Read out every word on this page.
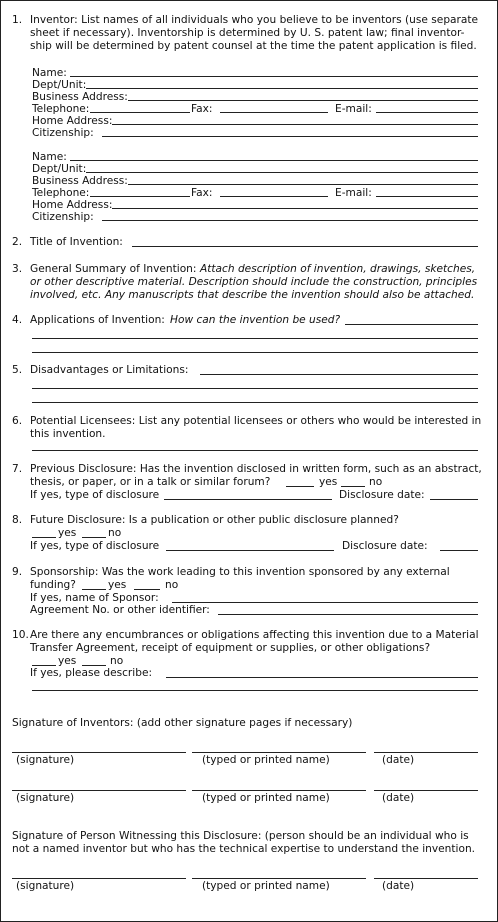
1. Inventor: List names of all individuals who you believe to be inventors (use separate
sheet if necessary). Inventorship is determined by U. S. patent law; final inventor-
ship will be determined by patent counsel at the time the patent application is filed.
Name:
Dept/Unit:
Business Address:
Telephone:	Fax:	E-mail:
Home Address:
Citizenship:
Name:
Dept/Unit:
Business Address:
Telephone:	Fax:	E-mail:
Home Address:
Citizenship:
2. Title of Invention:
3. General Summary of Invention: Attach description of invention, drawings, sketches,
or other descriptive material. Description should include the construction, principles
involved, etc. Any manuscripts that describe the invention should also be attached.
4. Applications of Invention: How can the invention be used?
5. Disadvantages or Limitations:
6. Potential Licensees: List any potential licensees or others who would be interested in
this invention.
7. Previous Disclosure: Has the invention disclosed in written form, such as an abstract,
thesis, or paper, or in a talk or similar forum?	yes	no
If yes, type of disclosure	Disclosure date:
8. Future Disclosure: Is a publication or other public disclosure planned?
yes	no
If yes, type of disclosure	Disclosure date:
9. Sponsorship: Was the work leading to this invention sponsored by any external
funding?	yes	no
If yes, name of Sponsor:
Agreement No. or other identifier:
10. Are there any encumbrances or obligations affecting this invention due to a Material
Transfer Agreement, receipt of equipment or supplies, or other obligations?
yes	no
If yes, please describe:
Signature of Inventors: (add other signature pages if necessary)
(signature)	(typed or printed name)	(date)
(signature)	(typed or printed name)	(date)
Signature of Person Witnessing this Disclosure: (person should be an individual who is
not a named inventor but who has the technical expertise to understand the invention.
(signature)	(typed or printed name)	(date)
